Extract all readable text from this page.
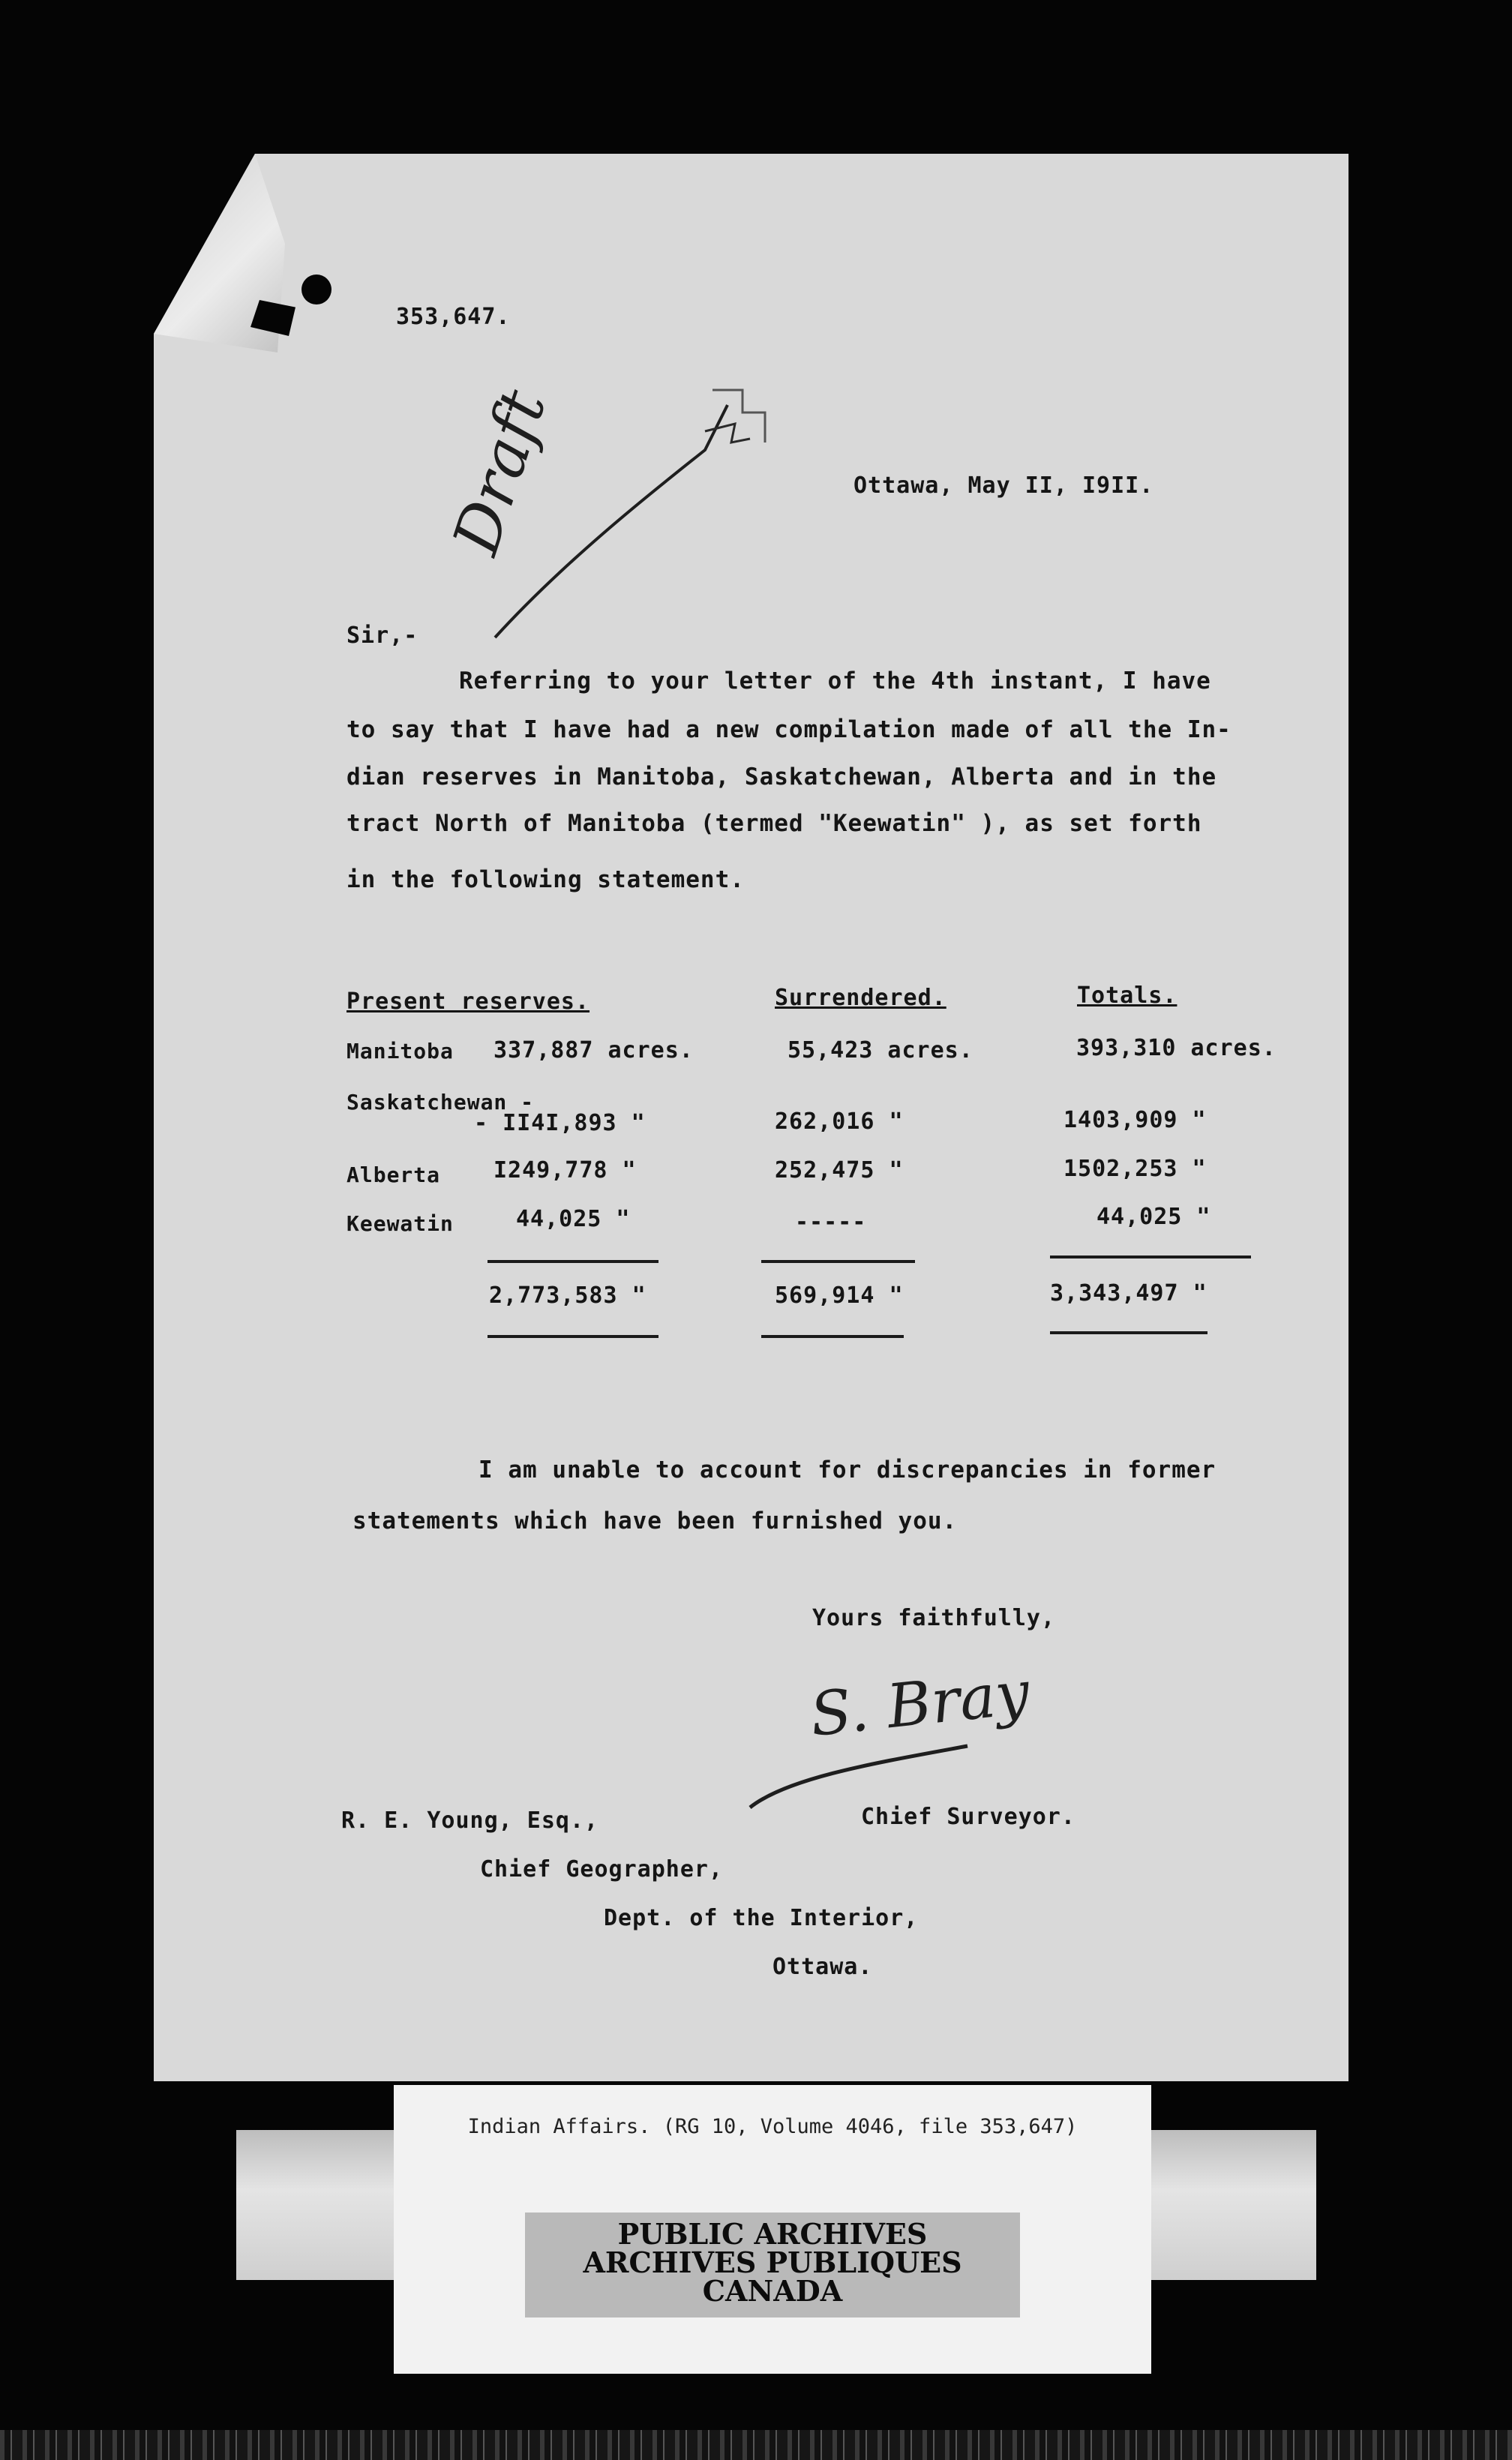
353,647.
Draft	Ottawa, May II, I9II.
Sir,-
Referring to your letter of the 4th instant, I have
to say that I have had a new compilation made of all the In-
dian reserves in Manitoba, Saskatchewan, Alberta and in the
tract North of Manitoba (termed "Keewatin" ), as set forth
in the following statement.
Present reserves.	Surrendered.	Totals.
Manitoba 337,887 acres.	55,423 acres.	393,310 acres.
Saskatchewan -
- II4I,893 "	262,016 "	1403,909 "
Alberta I249,778 "	252,475 "	1502,253 "
Keewatin	44,025 "	-----	44,025 "
2,773,583 "	569,914 "	3,343,497 "
I am unable to account for discrepancies in former
statements which have been furnished you.
Yours faithfully,
S. Bray
Chief Surveyor.
R. E. Young, Esq.,
Chief Geographer,
Dept. of the Interior,
Ottawa.
Indian Affairs. (RG 10, Volume 4046, file 353,647)
PUBLIC ARCHIVES
ARCHIVES PUBLIQUES
CANADA
